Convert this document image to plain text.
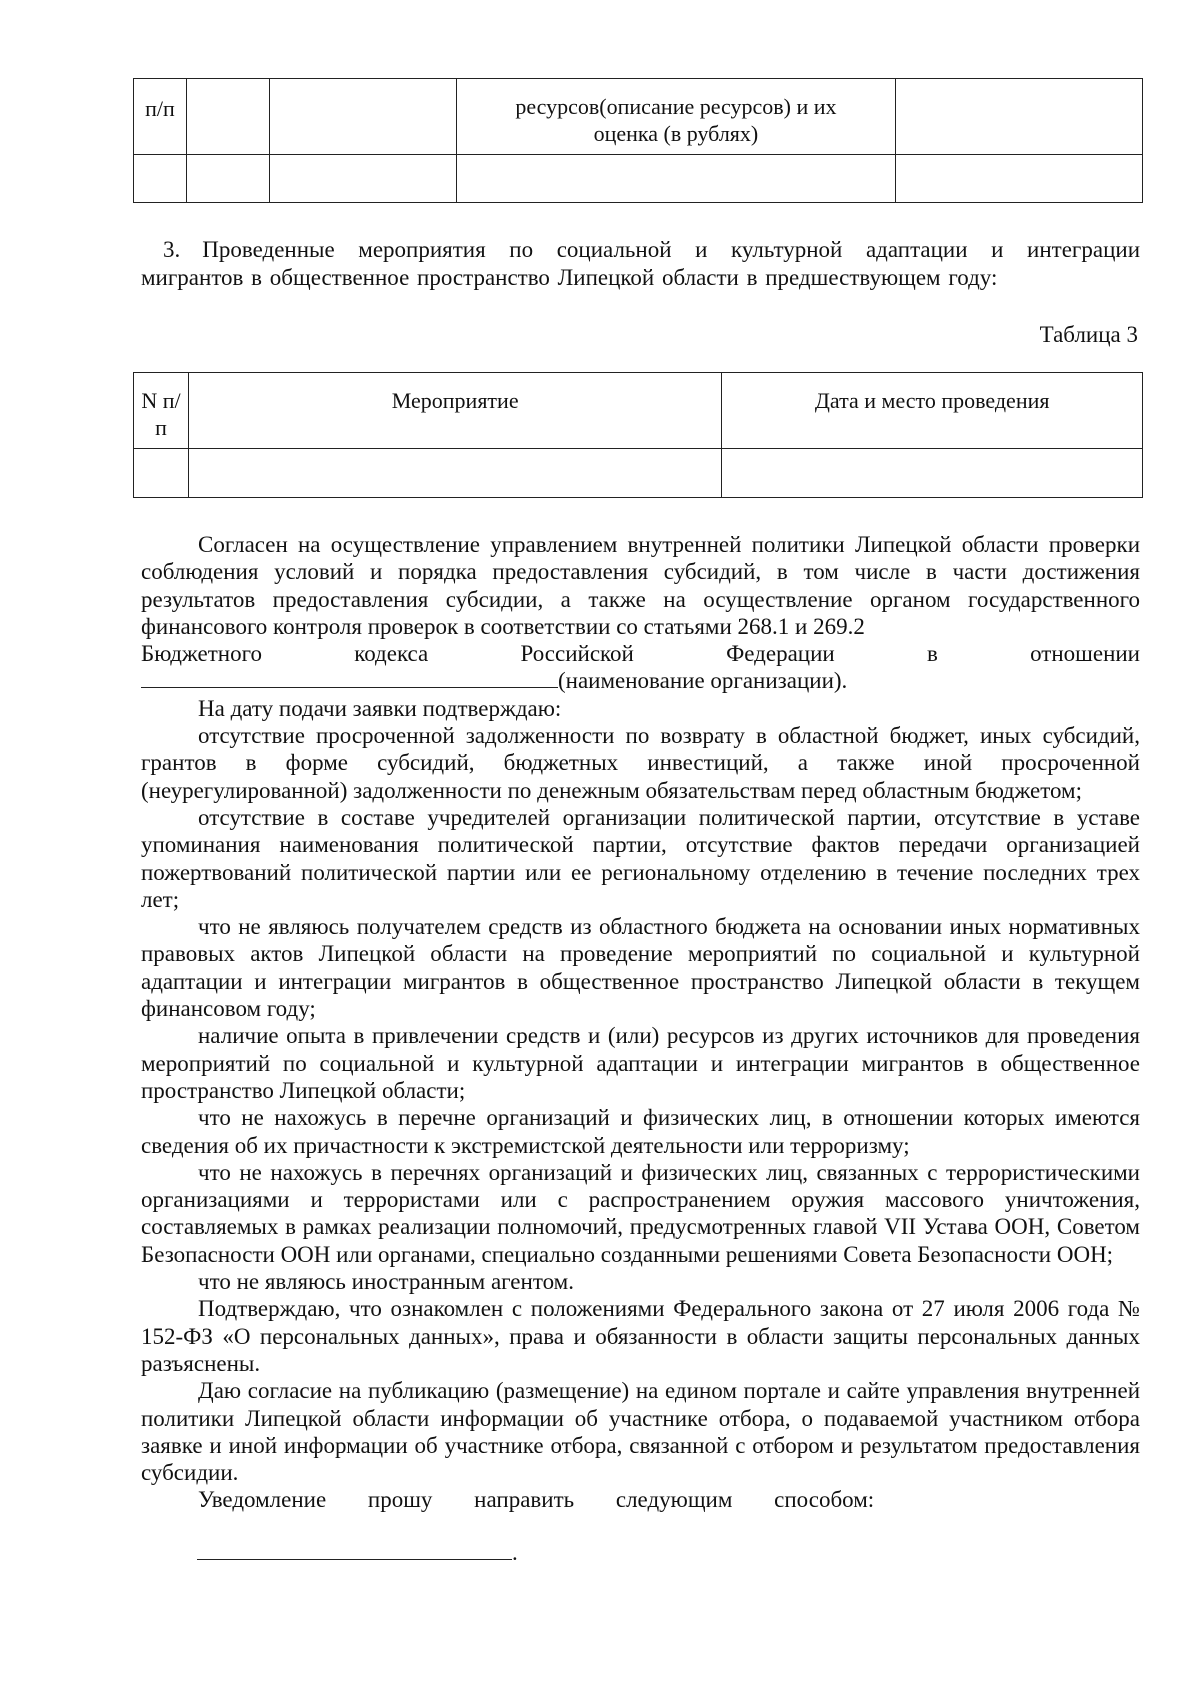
п/п			ресурсов(описание ресурсов) и их оценка (в рублях)	

3. Проведенные мероприятия по социальной и культурной адаптации и интеграции
мигрантов в общественное пространство Липецкой области в предшествующем году:
Таблица 3
N п/п	Мероприятие	Дата и место проведения

Согласен на осуществление управлением внутренней политики Липецкой области проверки соблюдения условий и порядка предоставления субсидий, в том числе в части достижения результатов предоставления субсидии, а также на осуществление органом государственного финансового контроля проверок в соответствии со статьями 268.1 и 269.2

Бюджетного кодекса Российской Федерации в отношении

(наименование организации).

На дату подачи заявки подтверждаю:

отсутствие просроченной задолженности по возврату в областной бюджет, иных субсидий, грантов в форме субсидий, бюджетных инвестиций, а также иной просроченной (неурегулированной) задолженности по денежным обязательствам перед областным бюджетом;

отсутствие в составе учредителей организации политической партии, отсутствие в уставе упоминания наименования политической партии, отсутствие фактов передачи организацией пожертвований политической партии или ее региональному отделению в течение последних трех лет;

что не являюсь получателем средств из областного бюджета на основании иных нормативных правовых актов Липецкой области на проведение мероприятий по социальной и культурной адаптации и интеграции мигрантов в общественное пространство Липецкой области в текущем финансовом году;

наличие опыта в привлечении средств и (или) ресурсов из других источников для проведения мероприятий по социальной и культурной адаптации и интеграции мигрантов в общественное пространство Липецкой области;

что не нахожусь в перечне организаций и физических лиц, в отношении которых имеются сведения об их причастности к экстремистской деятельности или терроризму;

что не нахожусь в перечнях организаций и физических лиц, связанных с террористическими организациями и террористами или с распространением оружия массового уничтожения, составляемых в рамках реализации полномочий, предусмотренных главой VII Устава ООН, Советом Безопасности ООН или органами, специально созданными решениями Совета Безопасности ООН;

что не являюсь иностранным агентом.

Подтверждаю, что ознакомлен с положениями Федерального закона от 27 июля 2006 года № 152-ФЗ «О персональных данных», права и обязанности в области защиты персональных данных разъяснены.

Даю согласие на публикацию (размещение) на едином портале и сайте управления внутренней политики Липецкой области информации об участнике отбора, о подаваемой участником отбора заявке и иной информации об участнике отбора, связанной с отбором и результатом предоставления субсидии.

Уведомление прошу направить следующим способом:

.
